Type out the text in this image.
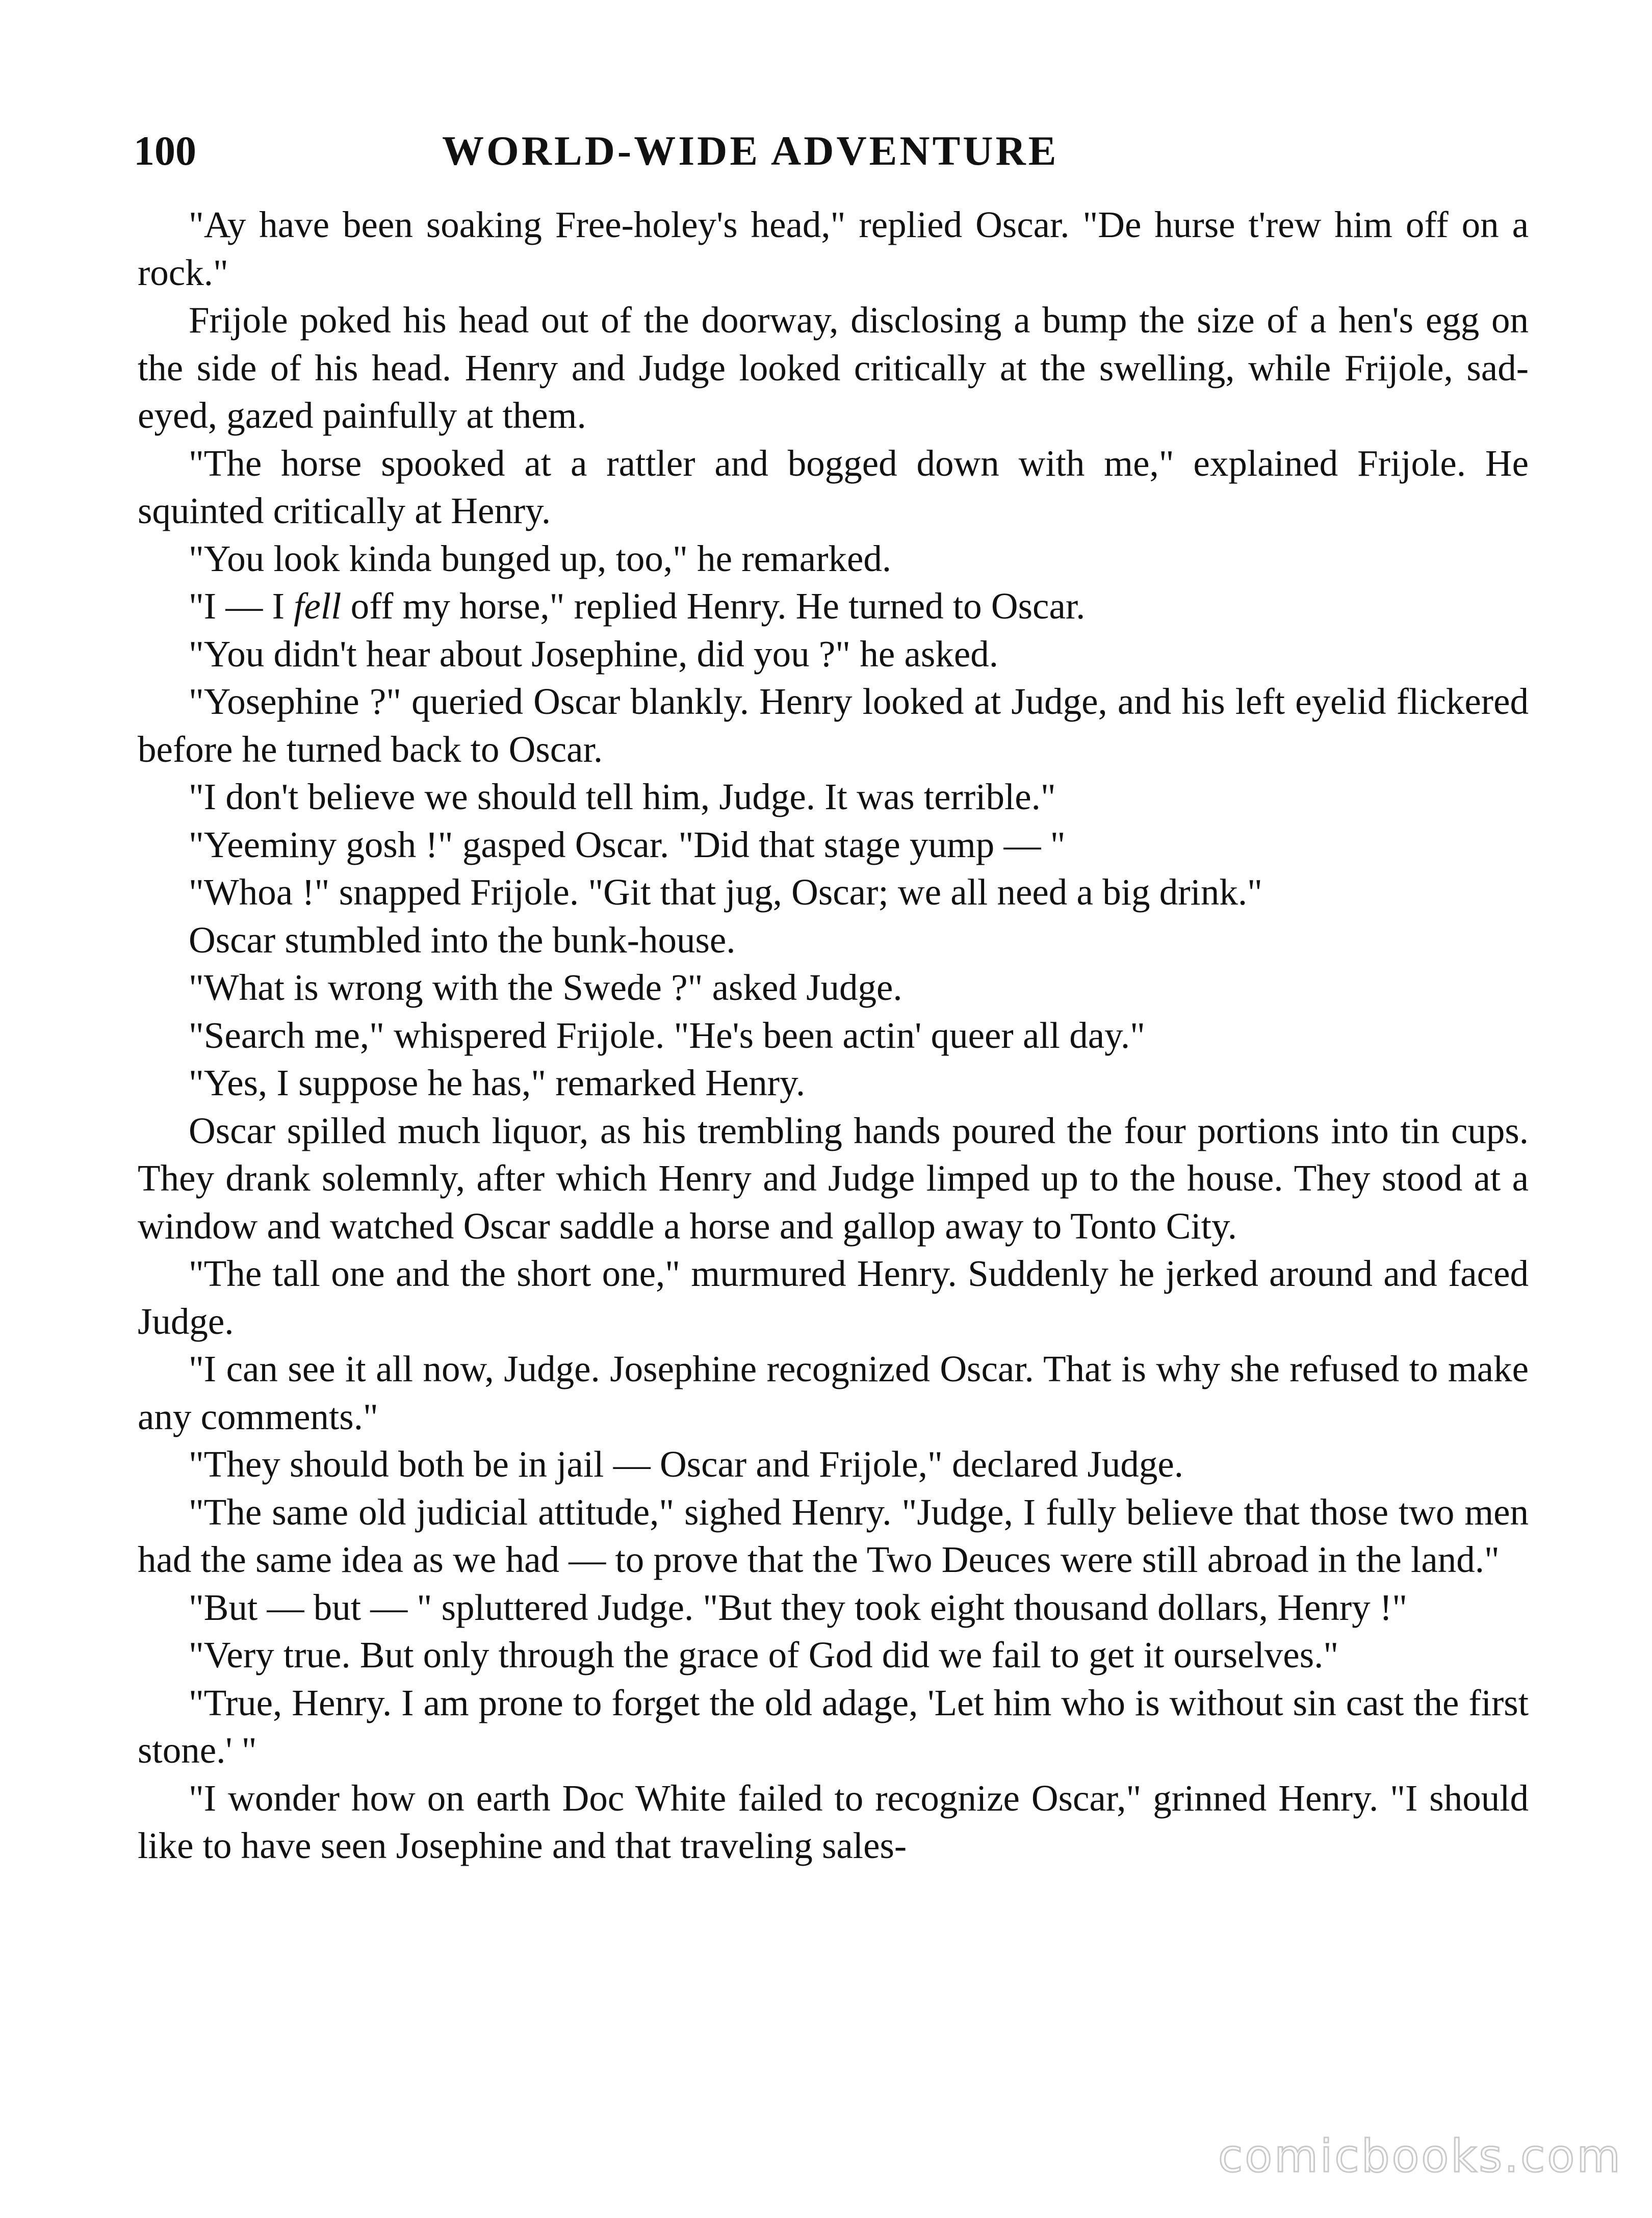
100	WORLD-WIDE ADVENTURE

"Ay have been soaking Free-holey's head," replied Oscar. "De hurse t'rew him off on a rock."

Frijole poked his head out of the doorway, disclosing a bump the size of a hen's egg on the side of his head. Henry and Judge looked critically at the swelling, while Frijole, sad-eyed, gazed painfully at them.

"The horse spooked at a rattler and bogged down with me," explained Frijole. He squinted critically at Henry.

"You look kinda bunged up, too," he remarked.

"I — I fell off my horse," replied Henry. He turned to Oscar.

"You didn't hear about Josephine, did you ?" he asked.

"Yosephine ?" queried Oscar blankly. Henry looked at Judge, and his left eyelid flickered before he turned back to Oscar.

"I don't believe we should tell him, Judge. It was terrible."

"Yeeminy gosh !" gasped Oscar. "Did that stage yump — "

"Whoa !" snapped Frijole. "Git that jug, Oscar; we all need a big drink."

Oscar stumbled into the bunk-house.

"What is wrong with the Swede ?" asked Judge.

"Search me," whispered Frijole. "He's been actin' queer all day."

"Yes, I suppose he has," remarked Henry.

Oscar spilled much liquor, as his trembling hands poured the four portions into tin cups. They drank solemnly, after which Henry and Judge limped up to the house. They stood at a window and watched Oscar saddle a horse and gallop away to Tonto City.

"The tall one and the short one," murmured Henry. Suddenly he jerked around and faced Judge.

"I can see it all now, Judge. Josephine recognized Oscar. That is why she refused to make any comments."

"They should both be in jail — Oscar and Frijole," declared Judge.

"The same old judicial attitude," sighed Henry. "Judge, I fully believe that those two men had the same idea as we had — to prove that the Two Deuces were still abroad in the land."

"But — but — " spluttered Judge. "But they took eight thousand dollars, Henry !"

"Very true. But only through the grace of God did we fail to get it ourselves."

"True, Henry. I am prone to forget the old adage, 'Let him who is without sin cast the first stone.' "

"I wonder how on earth Doc White failed to recognize Oscar," grinned Henry. "I should like to have seen Josephine and that traveling sales-

comicbooks.com
